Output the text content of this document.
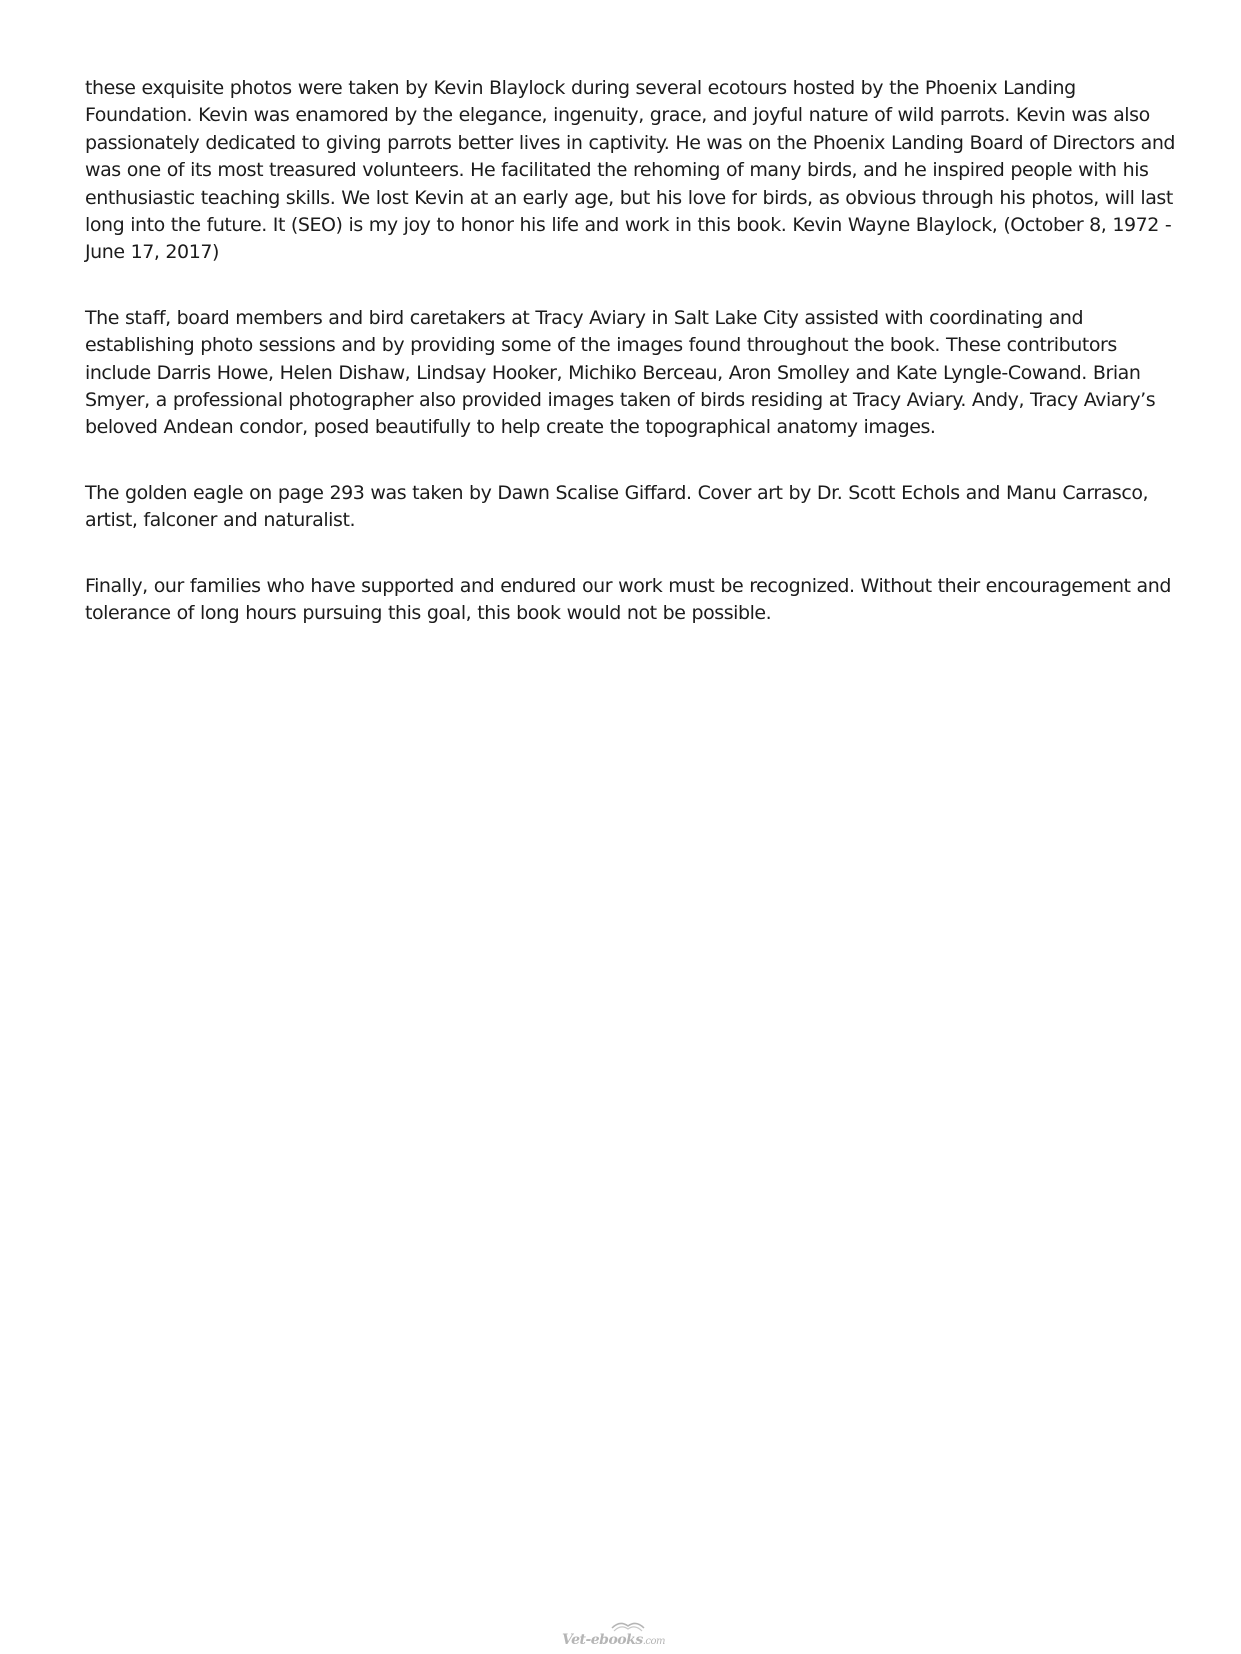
these exquisite photos were taken by Kevin Blaylock during several ecotours hosted by the Phoenix Landing Foundation. Kevin was enamored by the elegance, ingenuity, grace, and joyful nature of wild parrots. Kevin was also passionately dedicated to giving parrots better lives in captivity. He was on the Phoenix Landing Board of Directors and was one of its most treasured volunteers. He facilitated the rehoming of many birds, and he inspired people with his enthusiastic teaching skills. We lost Kevin at an early age, but his love for birds, as obvious through his photos, will last long into the future. It (SEO) is my joy to honor his life and work in this book. Kevin Wayne Blaylock, (October 8, 1972 - June 17, 2017)

The staff, board members and bird caretakers at Tracy Aviary in Salt Lake City assisted with coordinating and establishing photo sessions and by providing some of the images found throughout the book. These contributors include Darris Howe, Helen Dishaw, Lindsay Hooker, Michiko Berceau, Aron Smolley and Kate Lyngle-Cowand. Brian Smyer, a professional photographer also provided images taken of birds residing at Tracy Aviary. Andy, Tracy Aviary’s beloved Andean condor, posed beautifully to help create the topographical anatomy images.

The golden eagle on page 293 was taken by Dawn Scalise Giffard. Cover art by Dr. Scott Echols and Manu Carrasco, artist, falconer and naturalist.

Finally, our families who have supported and endured our work must be recognized. Without their encouragement and tolerance of long hours pursuing this goal, this book would not be possible.

Vet-ebooks.com
